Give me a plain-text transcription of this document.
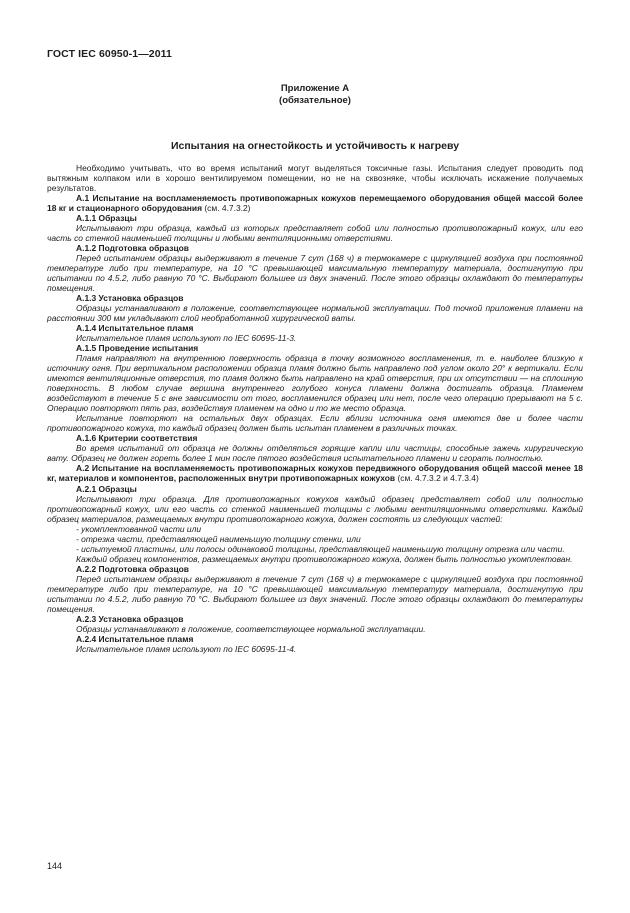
ГОСТ IEC 60950-1—2011
Приложение А
(обязательное)
Испытания на огнестойкость и устойчивость к нагреву

Необходимо учитывать, что во время испытаний могут выделяться токсичные газы. Испытания следует проводить под вытяжным колпаком или в хорошо вентилируемом помещении, но не на сквозняке, чтобы исключать искажение получаемых результатов.

А.1 Испытание на воспламеняемость противопожарных кожухов перемещаемого оборудования общей массой более 18 кг и стационарного оборудования (см. 4.7.3.2)

А.1.1 Образцы

Испытывают три образца, каждый из которых представляет собой или полностью противопожарный кожух, или его часть со стенкой наименьшей толщины и любыми вентиляционными отверстиями.

А.1.2 Подготовка образцов

Перед испытанием образцы выдерживают в течение 7 сут (168 ч) в термокамере с циркуляцией воздуха при постоянной температуре либо при температуре, на 10 °С превышающей максимальную температуру материала, достигнутую при испытании по 4.5.2, либо равную 70 °С. Выбирают большее из двух значений. После этого образцы охлаждают до температуры помещения.

А.1.3 Установка образцов

Образцы устанавливают в положение, соответствующее нормальной эксплуатации. Под точкой приложения пламени на расстоянии 300 мм укладывают слой необработанной хирургической ваты.

А.1.4 Испытательное пламя

Испытательное пламя используют по IEC 60695-11-3.

А.1.5 Проведение испытания

Пламя направляют на внутреннюю поверхность образца в точку возможного воспламенения, т. е. наиболее близкую к источнику огня. При вертикальном расположении образца пламя должно быть направлено под углом около 20° к вертикали. Если имеются вентиляционные отверстия, то пламя должно быть направлено на край отверстия, при их отсутствии — на сплошную поверхность. В любом случае вершина внутреннего голубого конуса пламени должна достигать образца. Пламенем воздействуют в течение 5 с вне зависимости от того, воспламенился образец или нет, после чего операцию прерывают на 5 с. Операцию повторяют пять раз, воздействуя пламенем на одно и то же место образца.

Испытание повторяют на остальных двух образцах. Если вблизи источника огня имеются две и более части противопожарного кожуха, то каждый образец должен быть испытан пламенем в различных точках.

А.1.6 Критерии соответствия

Во время испытаний от образца не должны отделяться горящие капли или частицы, способные зажечь хирургическую вату. Образец не должен гореть более 1 мин после пятого воздействия испытательного пламени и сгорать полностью.

А.2 Испытание на воспламеняемость противопожарных кожухов передвижного оборудования общей массой менее 18 кг, материалов и компонентов, расположенных внутри противопожарных кожухов (см. 4.7.3.2 и 4.7.3.4)

А.2.1 Образцы

Испытывают три образца. Для противопожарных кожухов каждый образец представляет собой или полностью противопожарный кожух, или его часть со стенкой наименьшей толщины с любыми вентиляционными отверстиями. Каждый образец материалов, размещаемых внутри противопожарного кожуха, должен состоять из следующих частей:

- укомплектованной части или

- отрезка части, представляющей наименьшую толщину стенки, или

- испытуемой пластины, или полосы одинаковой толщины, представляющей наименьшую толщину отрезка или части.

Каждый образец компонентов, размещаемых внутри противопожарного кожуха, должен быть полностью укомплектован.

А.2.2 Подготовка образцов

Перед испытанием образцы выдерживают в течение 7 сут (168 ч) в термокамере с циркуляцией воздуха при постоянной температуре либо при температуре, на 10 °С превышающей максимальную температуру материала, достигнутую при испытании по 4.5.2, либо равную 70 °С. Выбирают большее из двух значений. После этого образцы охлаждают до температуры помещения.

А.2.3 Установка образцов

Образцы устанавливают в положение, соответствующее нормальной эксплуатации.

А.2.4 Испытательное пламя

Испытательное пламя используют по IEC 60695-11-4.

144
